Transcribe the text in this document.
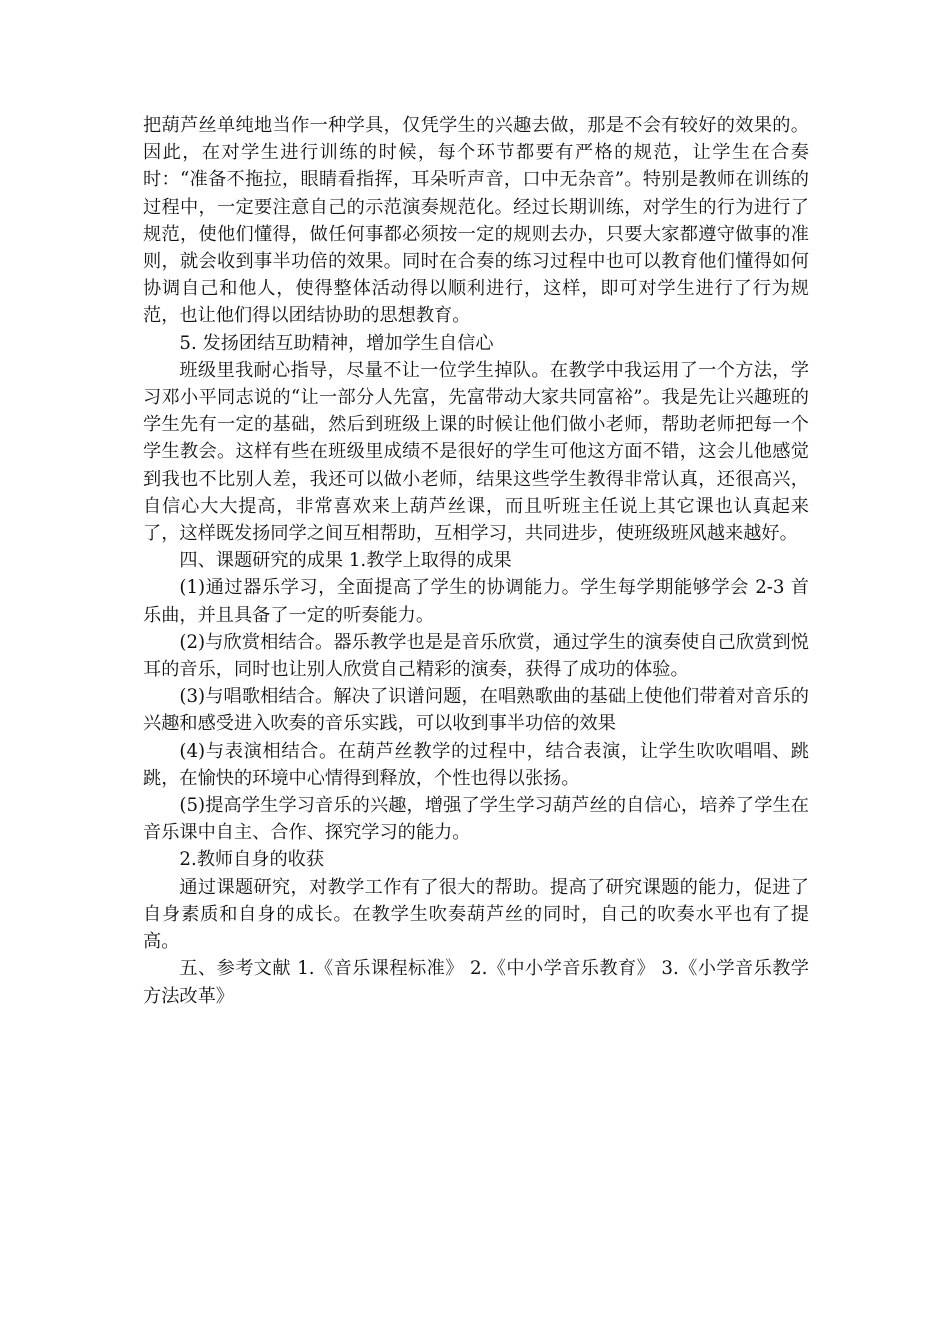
把葫芦丝单纯地当作一种学具，仅凭学生的兴趣去做，那是不会有较好的效果的。因此，在对学生进行训练的时候，每个环节都要有严格的规范，让学生在合奏时：“准备不拖拉，眼睛看指挥，耳朵听声音，口中无杂音”。特别是教师在训练的过程中，一定要注意自己的示范演奏规范化。经过长期训练，对学生的行为进行了规范，使他们懂得，做任何事都必须按一定的规则去办，只要大家都遵守做事的准则，就会收到事半功倍的效果。同时在合奏的练习过程中也可以教育他们懂得如何协调自己和他人，使得整体活动得以顺利进行，这样，即可对学生进行了行为规范，也让他们得以团结协助的思想教育。

5. 发扬团结互助精神，增加学生自信心

班级里我耐心指导，尽量不让一位学生掉队。在教学中我运用了一个方法，学习邓小平同志说的“让一部分人先富，先富带动大家共同富裕”。我是先让兴趣班的学生先有一定的基础，然后到班级上课的时候让他们做小老师，帮助老师把每一个学生教会。这样有些在班级里成绩不是很好的学生可他这方面不错，这会儿他感觉到我也不比别人差，我还可以做小老师，结果这些学生教得非常认真，还很高兴，自信心大大提高，非常喜欢来上葫芦丝课，而且听班主任说上其它课也认真起来了，这样既发扬同学之间互相帮助，互相学习，共同进步，使班级班风越来越好。

四、课题研究的成果 1.教学上取得的成果

(1)通过器乐学习，全面提高了学生的协调能力。学生每学期能够学会 2-3 首乐曲，并且具备了一定的听奏能力。

(2)与欣赏相结合。器乐教学也是是音乐欣赏，通过学生的演奏使自己欣赏到悦耳的音乐，同时也让别人欣赏自己精彩的演奏，获得了成功的体验。

(3)与唱歌相结合。解决了识谱问题，在唱熟歌曲的基础上使他们带着对音乐的兴趣和感受进入吹奏的音乐实践，可以收到事半功倍的效果

(4)与表演相结合。在葫芦丝教学的过程中，结合表演，让学生吹吹唱唱、跳跳，在愉快的环境中心情得到释放，个性也得以张扬。

(5)提高学生学习音乐的兴趣，增强了学生学习葫芦丝的自信心，培养了学生在音乐课中自主、合作、探究学习的能力。

2.教师自身的收获

通过课题研究，对教学工作有了很大的帮助。提高了研究课题的能力，促进了自身素质和自身的成长。在教学生吹奏葫芦丝的同时，自己的吹奏水平也有了提高。

五、参考文献 1.《音乐课程标准》 2.《中小学音乐教育》 3.《小学音乐教学方法改革》
